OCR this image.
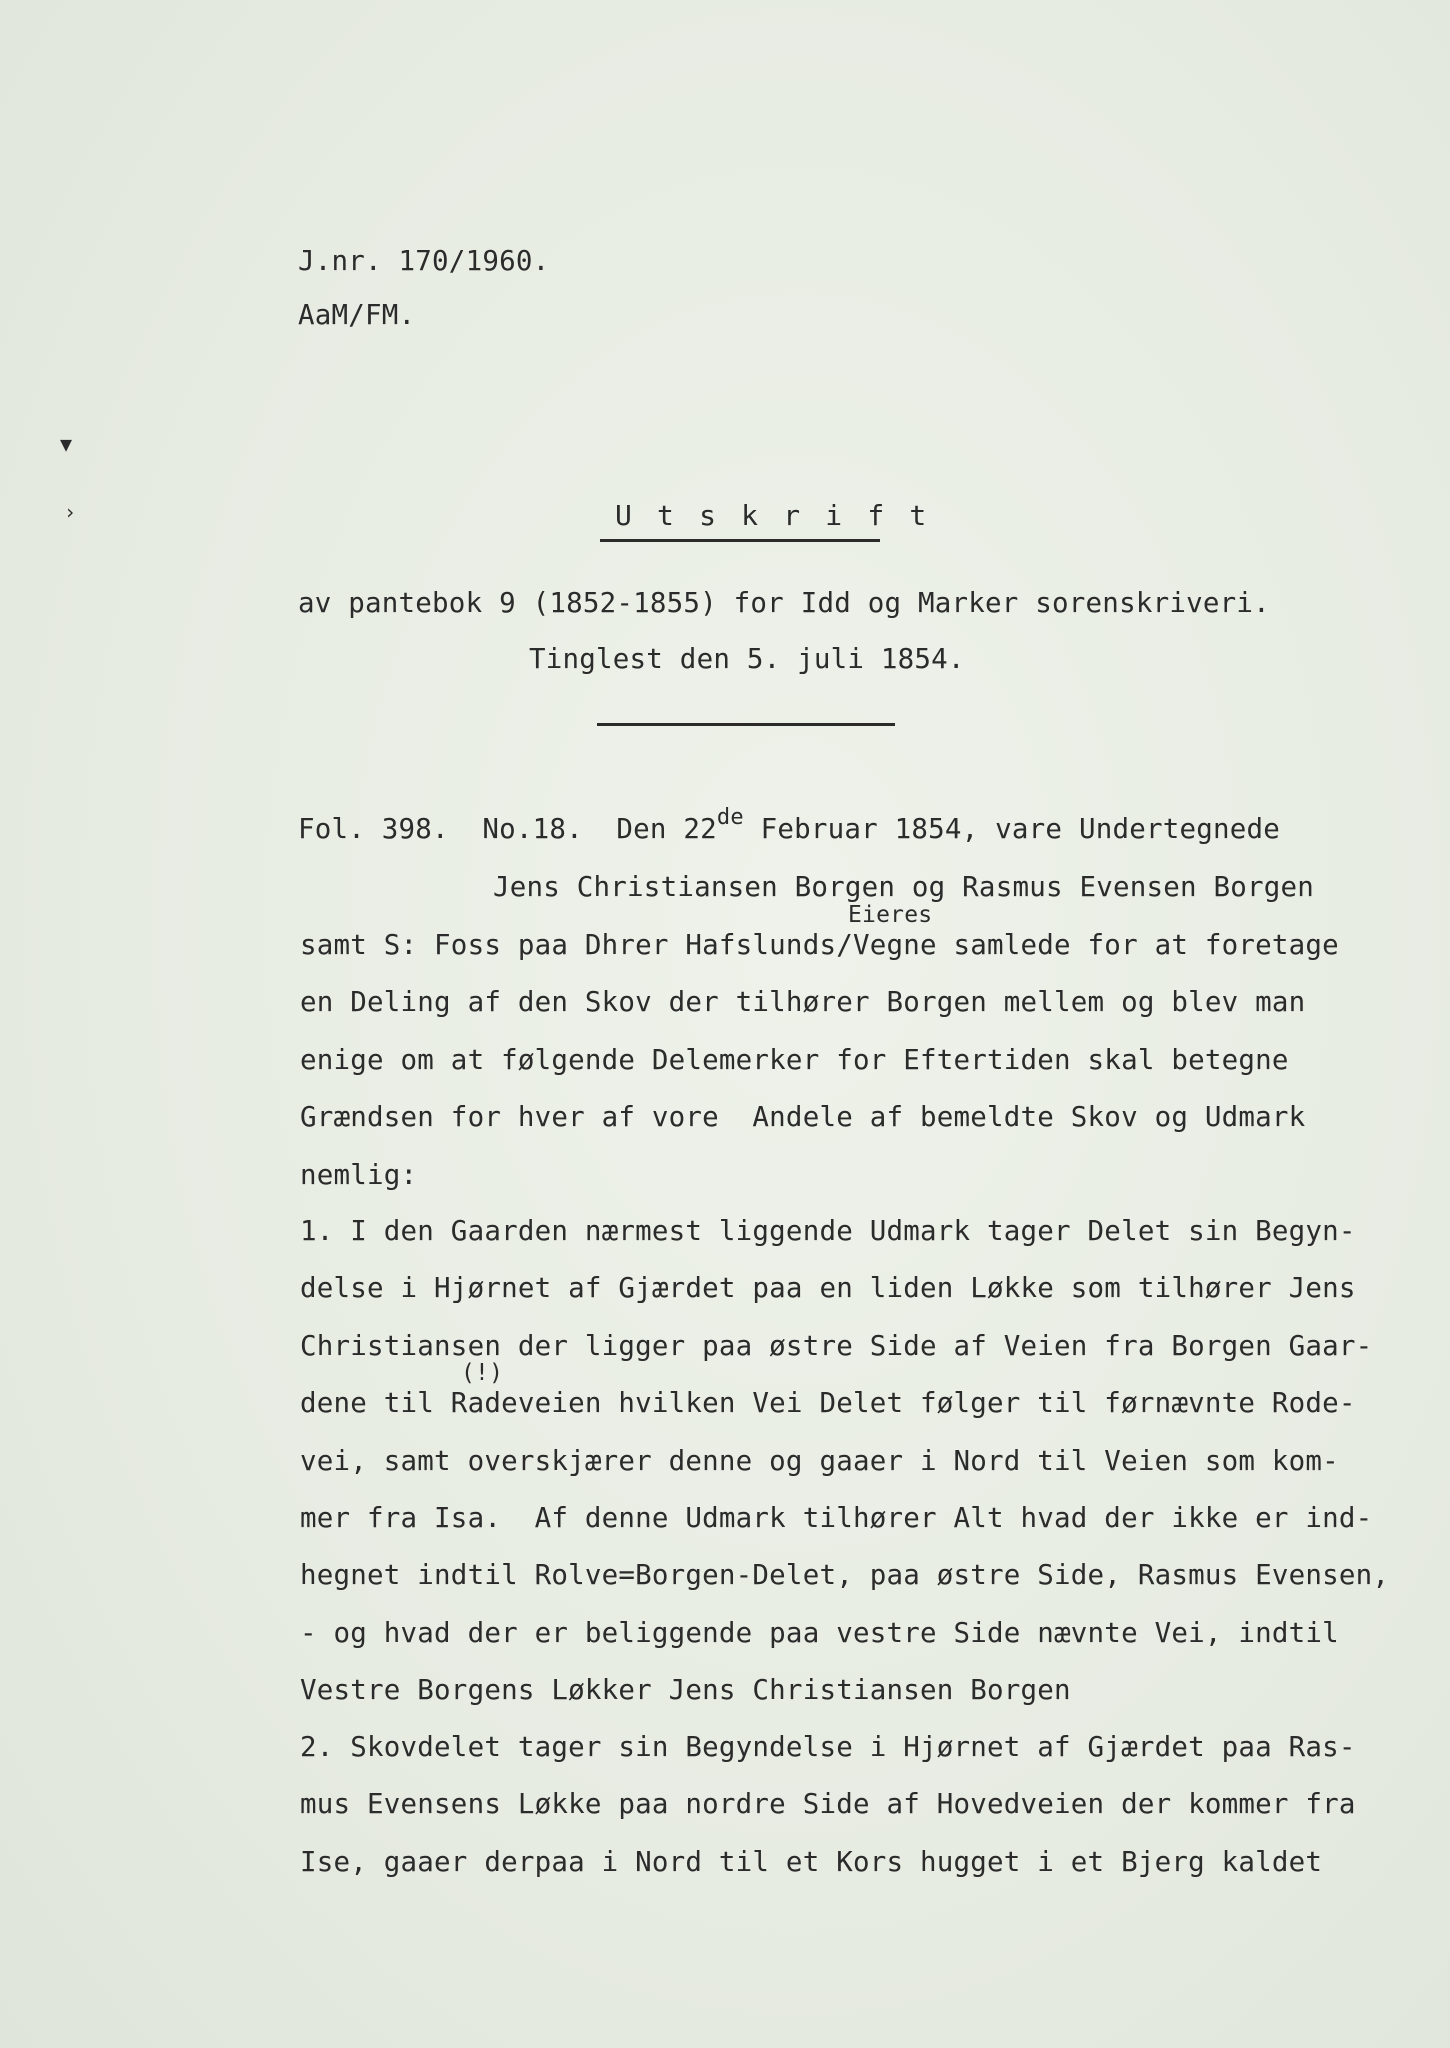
▼
›
J.nr. 170/1960.
AaM/FM.
Utskrift
av pantebok 9 (1852-1855) for Idd og Marker sorenskriveri.
Tinglest den 5. juli 1854.
Fol. 398.  No.18.  Den 22de Februar 1854, vare Undertegnede
Jens Christiansen Borgen og Rasmus Evensen Borgen
Eieres
samt S: Foss paa Dhrer Hafslunds/Vegne samlede for at foretage
en Deling af den Skov der tilhører Borgen mellem og blev man
enige om at følgende Delemerker for Eftertiden skal betegne
Grændsen for hver af vore  Andele af bemeldte Skov og Udmark
nemlig:
1. I den Gaarden nærmest liggende Udmark tager Delet sin Begyn-
delse i Hjørnet af Gjærdet paa en liden Løkke som tilhører Jens
Christiansen der ligger paa østre Side af Veien fra Borgen Gaar-
(!)
dene til Radeveien hvilken Vei Delet følger til førnævnte Rode-
vei, samt overskjærer denne og gaaer i Nord til Veien som kom-
mer fra Isa.  Af denne Udmark tilhører Alt hvad der ikke er ind-
hegnet indtil Rolve=Borgen-Delet, paa østre Side, Rasmus Evensen,
- og hvad der er beliggende paa vestre Side nævnte Vei, indtil
Vestre Borgens Løkker Jens Christiansen Borgen
2. Skovdelet tager sin Begyndelse i Hjørnet af Gjærdet paa Ras-
mus Evensens Løkke paa nordre Side af Hovedveien der kommer fra
Ise, gaaer derpaa i Nord til et Kors hugget i et Bjerg kaldet
